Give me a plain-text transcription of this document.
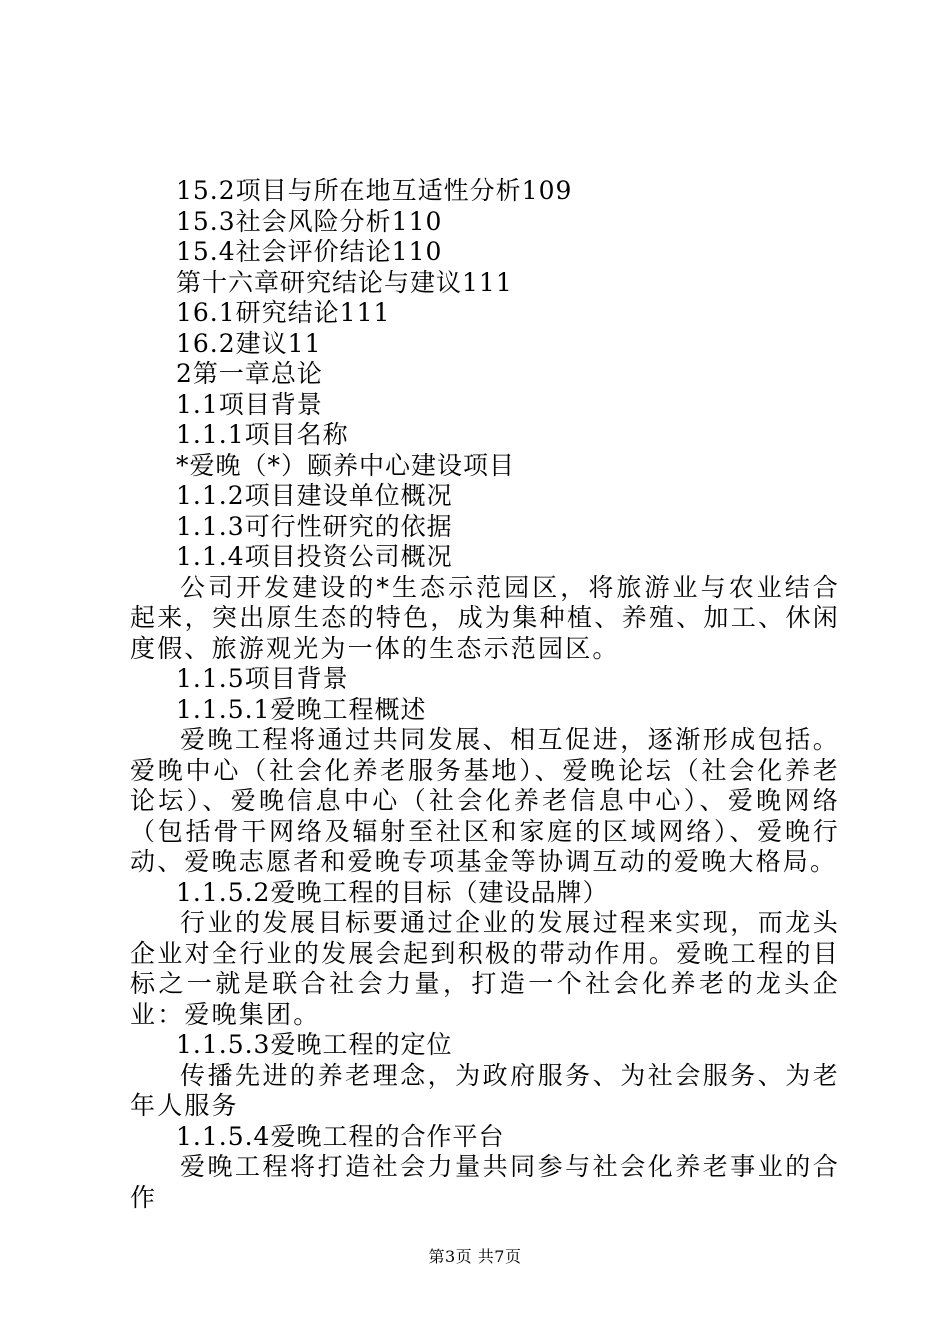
15.2项目与所在地互适性分析109
15.3社会风险分析110
15.4社会评价结论110
第十六章研究结论与建议111
16.1研究结论111
16.2建议11
2第一章总论
1.1项目背景
1.1.1项目名称
*爱晚（*）颐养中心建设项目
1.1.2项目建设单位概况
1.1.3可行性研究的依据
1.1.4项目投资公司概况

公司开发建设的*生态示范园区，将旅游业与农业结合起来，突出原生态的特色，成为集种植、养殖、加工、休闲度假、旅游观光为一体的生态示范园区。

1.1.5项目背景
1.1.5.1爱晚工程概述

爱晚工程将通过共同发展、相互促进，逐渐形成包括。爱晚中心（社会化养老服务基地）、爱晚论坛（社会化养老论坛）、爱晚信息中心（社会化养老信息中心）、爱晚网络（包括骨干网络及辐射至社区和家庭的区域网络）、爱晚行动、爱晚志愿者和爱晚专项基金等协调互动的爱晚大格局。

1.1.5.2爱晚工程的目标（建设品牌）

行业的发展目标要通过企业的发展过程来实现，而龙头企业对全行业的发展会起到积极的带动作用。爱晚工程的目标之一就是联合社会力量，打造一个社会化养老的龙头企业：爱晚集团。

1.1.5.3爱晚工程的定位

传播先进的养老理念，为政府服务、为社会服务、为老年人服务

1.1.5.4爱晚工程的合作平台

爱晚工程将打造社会力量共同参与社会化养老事业的合作

第3页 共7页
